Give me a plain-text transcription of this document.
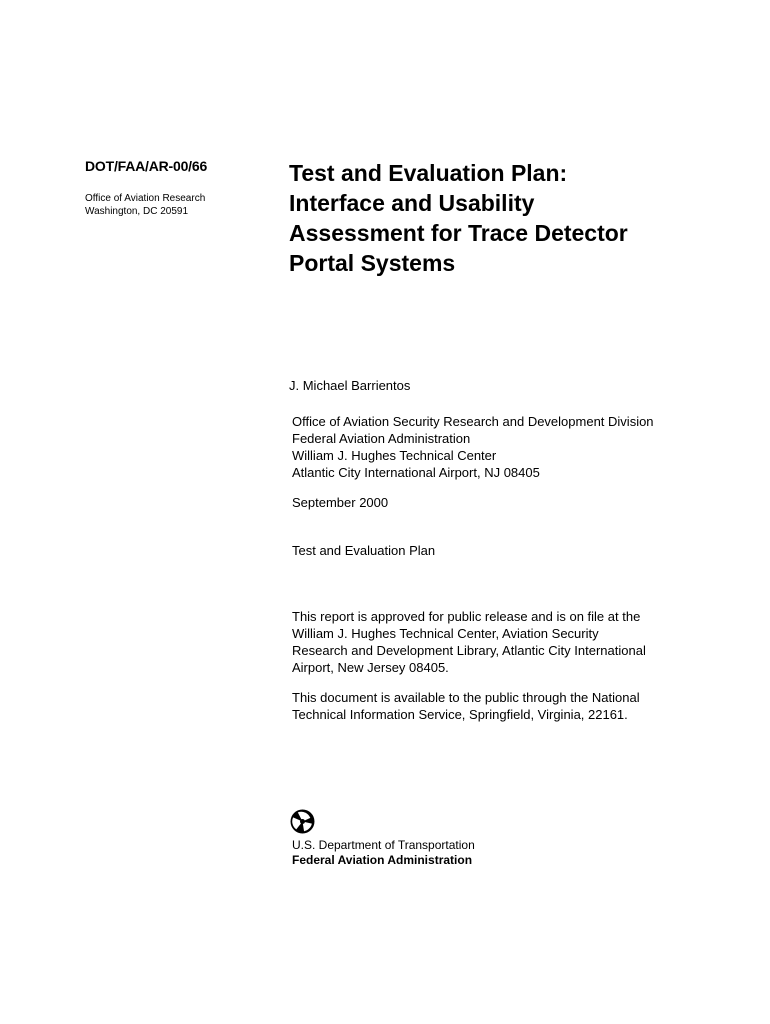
DOT/FAA/AR-00/66
Office of Aviation Research
Washington, DC 20591
Test and Evaluation Plan:
Interface and Usability
Assessment for Trace Detector
Portal Systems
J. Michael Barrientos
Office of Aviation Security Research and Development Division
Federal Aviation Administration
William J. Hughes Technical Center
Atlantic City International Airport, NJ 08405
September 2000
Test and Evaluation Plan
This report is approved for public release and is on file at the
William J. Hughes Technical Center, Aviation Security
Research and Development Library, Atlantic City International
Airport, New Jersey 08405.
This document is available to the public through the National
Technical Information Service, Springfield, Virginia, 22161.
U.S. Department of Transportation
Federal Aviation Administration
